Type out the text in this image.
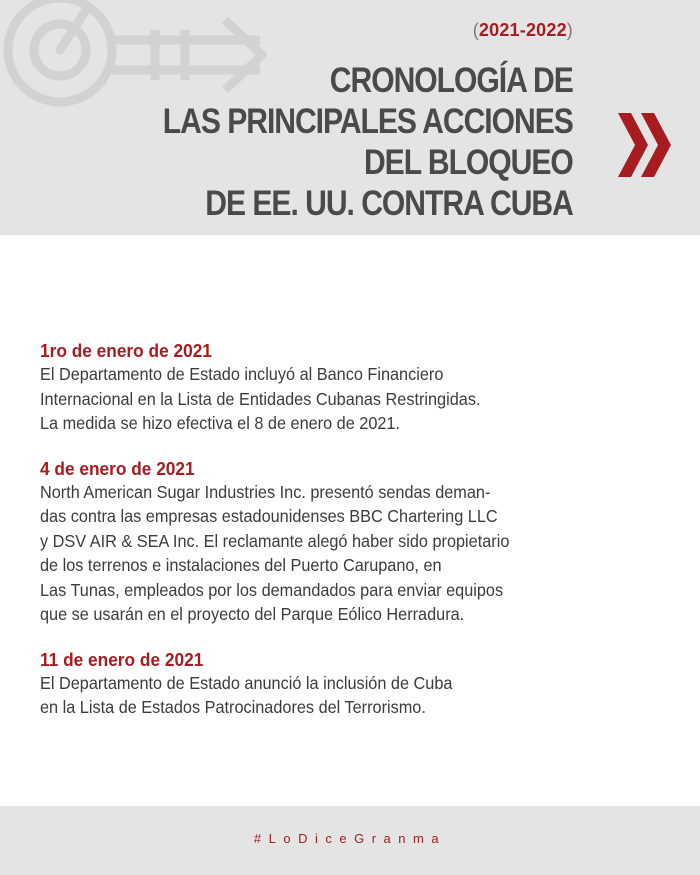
(2021-2022)
CRONOLOGÍA DE
LAS PRINCIPALES ACCIONES
DEL BLOQUEO
DE EE. UU. CONTRA CUBA
1ro de enero de 2021
El Departamento de Estado incluyó al Banco Financiero
Internacional en la Lista de Entidades Cubanas Restringidas.
La medida se hizo efectiva el 8 de enero de 2021.
4 de enero de 2021
North American Sugar Industries Inc. presentó sendas deman-
das contra las empresas estadounidenses BBC Chartering LLC
y DSV AIR & SEA Inc. El reclamante alegó haber sido propietario
de los terrenos e instalaciones del Puerto Carupano, en
Las Tunas, empleados por los demandados para enviar equipos
que se usarán en el proyecto del Parque Eólico Herradura.
11 de enero de 2021
El Departamento de Estado anunció la inclusión de Cuba
en la Lista de Estados Patrocinadores del Terrorismo.
#LoDiceGranma
